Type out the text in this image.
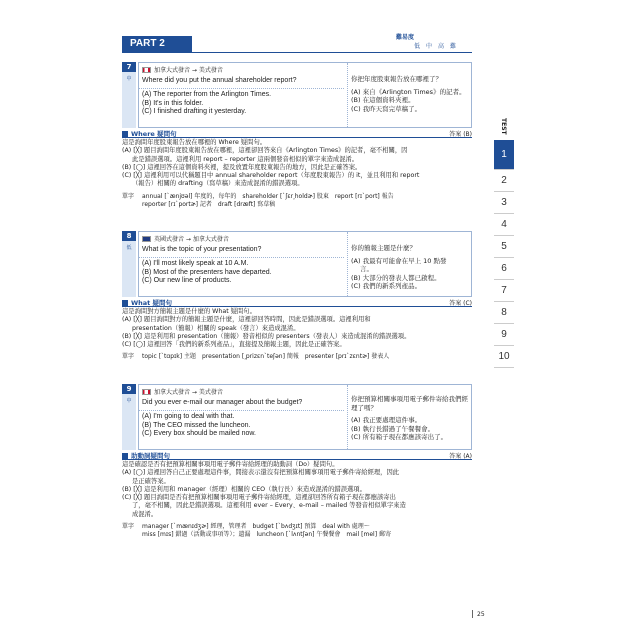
PART 2
難易度
低 中 高 難
7
中
加拿大式發音 → 美式發音
Where did you put the annual shareholder report?
(A) The reporter from the Arlington Times.
(B) It's in this folder.
(C) I finished drafting it yesterday.
你把年度股東報告放在哪裡了？
(A) 來自《Arlington Times》的記者。
(B) 在這個資料夾裡。
(C) 我昨天寫完草稿了。
Where 疑問句	答案 (B)
這是詢問年度股東報告放在哪裡的 Where 疑問句。
(A) [╳] 題目詢問年度股東報告放在哪裡，這裡卻回答來自《Arlington Times》的記者，毫不相關，因
此是錯誤選項。這裡利用 report – reporter 這兩個發音相似的單字來造成混淆。
(B) [◯] 這裡回答在這個資料夾裡，提及放置年度股東報告的地方，因此是正確答案。
(C) [╳] 這裡利用可以代稱題目中 annual shareholder report（年度股東報告）的 it，並且利用和 report
（報告）相關的 drafting（寫草稿）來造成混淆的錯誤選項。
單字 annual [ˋænjʊəl] 年度的，每年的　shareholder [ˋʃɛr͵holdɚ] 股東　report [rɪˋport] 報告
reporter [rɪˋportɚ] 記者　draft [dræft] 寫草稿
8
低
英國式發音 → 加拿大式發音
What is the topic of your presentation?
(A) I'll most likely speak at 10 A.M.
(B) Most of the presenters have departed.
(C) Our new line of products.
你的簡報主題是什麼？
(A) 我最有可能會在早上 10 點發
言。
(B) 大部分的發表人都已啟程。
(C) 我們的新系列產品。
What 疑問句	答案 (C)
這是詢問對方簡報主題是什麼的 What 疑問句。
(A) [╳] 題目詢問對方的簡報主題是什麼，這裡卻回答時間，因此是錯誤選項。這裡利用和
presentation（簡報）相關的 speak（發言）來造成混淆。
(B) [╳] 這是利用和 presentation（簡報）發音相似的 presenters（發表人）來造成混淆的錯誤選項。
(C) [◯] 這裡回答「我們的新系列產品」，直接提及簡報主題，因此是正確答案。
單字 topic [ˋtɑpɪk] 主題　presentation [͵prizɛnˋteʃən] 簡報　presenter [prɪˋzɛntɚ] 發表人
9
中
加拿大式發音 → 美式發音
Did you ever e-mail our manager about the budget?
(A) I'm going to deal with that.
(B) The CEO missed the luncheon.
(C) Every box should be mailed now.
你把預算相關事項用電子郵件寄給我們經理了嗎？
(A) 我正要處理這件事。
(B) 執行長錯過了午餐餐會。
(C) 所有箱子現在都應該寄出了。
助動詞疑問句	答案 (A)
這是確認是否有把預算相關事項用電子郵件寄給經理的助動詞（Do）疑問句。
(A) [◯] 這裡回答自己正要處理這件事，間接表示還沒有把預算相關事項用電子郵件寄給經理，因此
是正確答案。
(B) [╳] 這是利用和 manager（經理）相關的 CEO（執行長）來造成混淆的錯誤選項。
(C) [╳] 題目詢問是否有把預算相關事項用電子郵件寄給經理，這裡卻回答所有箱子現在都應該寄出
了，毫不相關，因此是錯誤選項。這裡利用 ever – Every、e-mail – mailed 等發音相似單字來造
成混淆。
單字 manager [ˋmænɪdʒɚ] 經理，管理者　budget [ˋbʌdʒɪt] 預算　deal with 處理～
miss [mɪs] 錯過（活動或事項等）；遺漏　luncheon [ˋlʌntʃən] 午餐餐會　mail [mel] 郵寄
TEST
1
2
3
4
5
6
7
8
9
10
25
